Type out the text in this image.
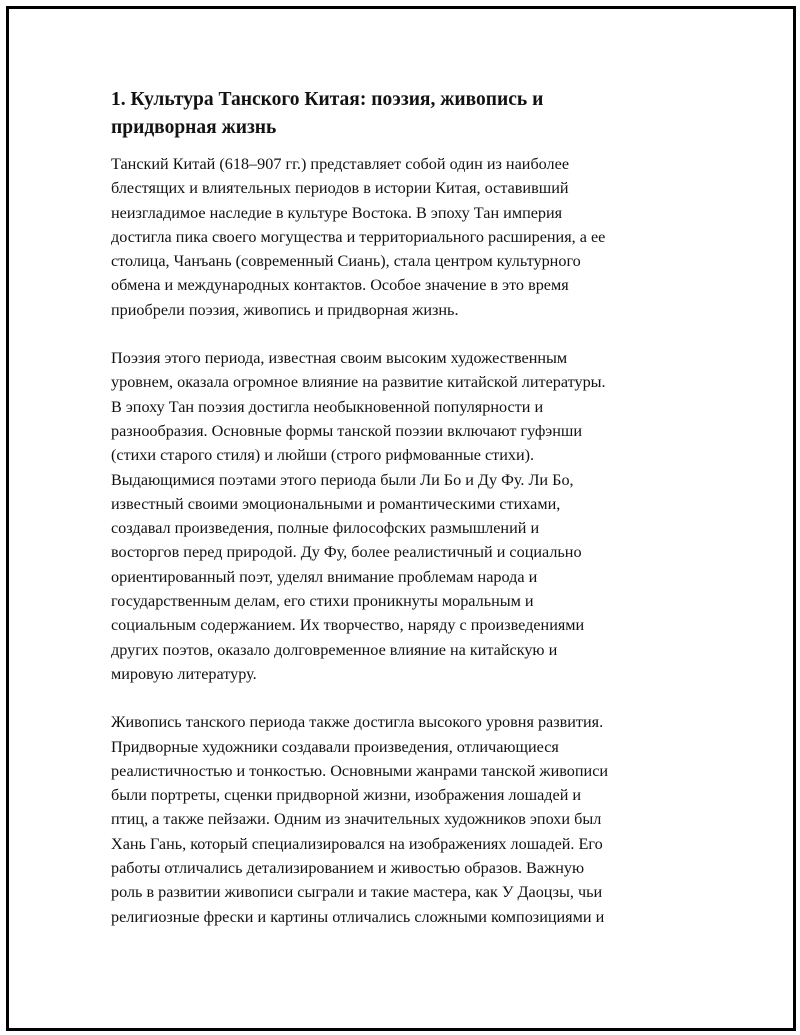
1. Культура Танского Китая: поэзия, живопись и
придворная жизнь

Танский Китай (618–907 гг.) представляет собой один из наиболее
блестящих и влиятельных периодов в истории Китая, оставивший
неизгладимое наследие в культуре Востока. В эпоху Тан империя
достигла пика своего могущества и территориального расширения, а ее
столица, Чанъань (современный Сиань), стала центром культурного
обмена и международных контактов. Особое значение в это время
приобрели поэзия, живопись и придворная жизнь.

Поэзия этого периода, известная своим высоким художественным
уровнем, оказала огромное влияние на развитие китайской литературы.
В эпоху Тан поэзия достигла необыкновенной популярности и
разнообразия. Основные формы танской поэзии включают гуфэнши
(стихи старого стиля) и люйши (строго рифмованные стихи).
Выдающимися поэтами этого периода были Ли Бо и Ду Фу. Ли Бо,
известный своими эмоциональными и романтическими стихами,
создавал произведения, полные философских размышлений и
восторгов перед природой. Ду Фу, более реалистичный и социально
ориентированный поэт, уделял внимание проблемам народа и
государственным делам, его стихи проникнуты моральным и
социальным содержанием. Их творчество, наряду с произведениями
других поэтов, оказало долговременное влияние на китайскую и
мировую литературу.

Живопись танского периода также достигла высокого уровня развития.
Придворные художники создавали произведения, отличающиеся
реалистичностью и тонкостью. Основными жанрами танской живописи
были портреты, сценки придворной жизни, изображения лошадей и
птиц, а также пейзажи. Одним из значительных художников эпохи был
Хань Гань, который специализировался на изображениях лошадей. Его
работы отличались детализированием и живостью образов. Важную
роль в развитии живописи сыграли и такие мастера, как У Даоцзы, чьи
религиозные фрески и картины отличались сложными композициями и
